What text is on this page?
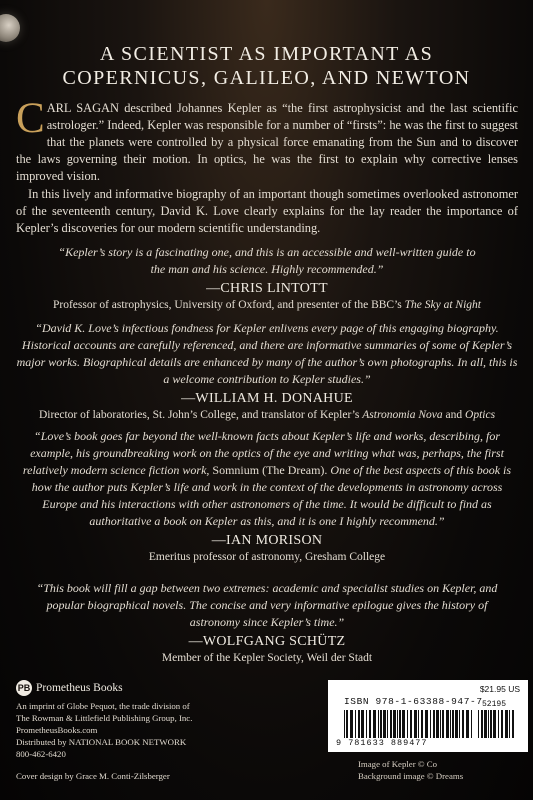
A SCIENTIST AS IMPORTANT AS
COPERNICUS, GALILEO, AND NEWTON

CARL SAGAN described Johannes Kepler as “the first astrophysicist and the last scientific astrologer.” Indeed, Kepler was responsible for a number of “firsts”: he was the first to suggest that the planets were controlled by a physical force emanating from the Sun and to discover the laws governing their motion. In optics, he was the first to explain why corrective lenses improved vision.

In this lively and informative biography of an important though sometimes overlooked astronomer of the seventeenth century, David K. Love clearly explains for the lay reader the importance of Kepler’s discoveries for our modern scientific understanding.

“Kepler’s story is a fascinating one, and this is an accessible and well-written guide to the man and his science. Highly recommended.”

—CHRIS LINTOTT

Professor of astrophysics, University of Oxford, and presenter of the BBC’s The Sky at Night

“David K. Love’s infectious fondness for Kepler enlivens every page of this engaging biography. Historical accounts are carefully referenced, and there are informative summaries of some of Kepler’s major works. Biographical details are enhanced by many of the author’s own photographs. In all, this is a welcome contribution to Kepler studies.”

—WILLIAM H. DONAHUE

Director of laboratories, St. John’s College, and translator of Kepler’s Astronomia Nova and Optics

“Love’s book goes far beyond the well-known facts about Kepler’s life and works, describing, for example, his groundbreaking work on the optics of the eye and writing what was, perhaps, the first relatively modern science fiction work, Somnium (The Dream). One of the best aspects of this book is how the author puts Kepler’s life and work in the context of the developments in astronomy across Europe and his interactions with other astronomers of the time. It would be difficult to find as authoritative a book on Kepler as this, and it is one I highly recommend.”

—IAN MORISON

Emeritus professor of astronomy, Gresham College

“This book will fill a gap between two extremes: academic and specialist studies on Kepler, and popular biographical novels. The concise and very informative epilogue gives the history of astronomy since Kepler’s time.”

—WOLFGANG SCHÜTZ

Member of the Kepler Society, Weil der Stadt

PB Prometheus Books
An imprint of Globe Pequot, the trade division of
The Rowman & Littlefield Publishing Group, Inc.
PrometheusBooks.com
Distributed by NATIONAL BOOK NETWORK
800-462-6420
Cover design by Grace M. Conti-Zilsberger
$21.95 US
ISBN 978-1-63388-947-7 52195
9 781633 889477
Image of Kepler © Co
Background image © Dreams
